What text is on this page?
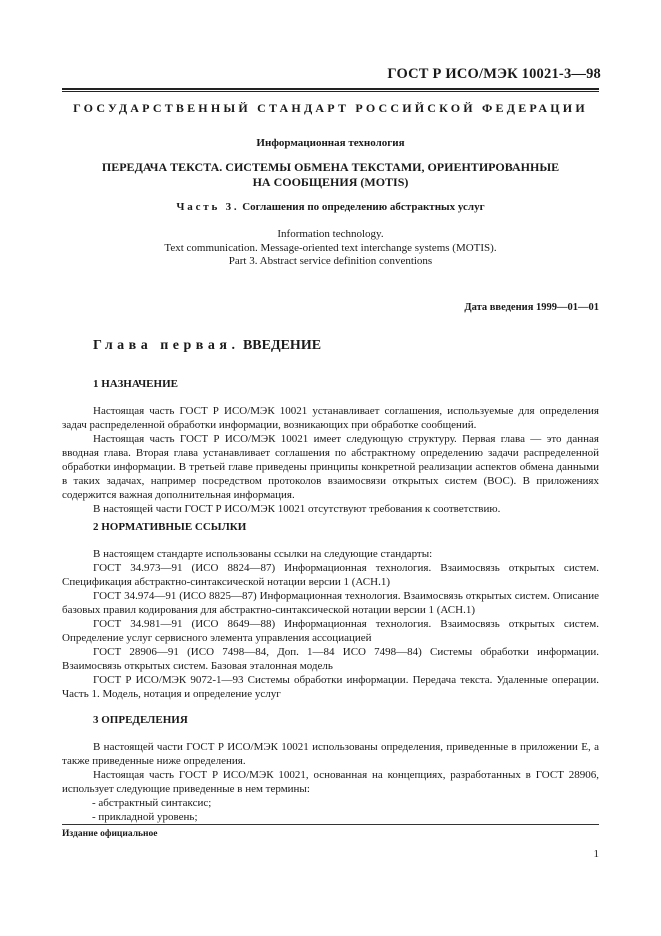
ГОСТ Р ИСО/МЭК 10021-3—98
ГОСУДАРСТВЕННЫЙ СТАНДАРТ РОССИЙСКОЙ ФЕДЕРАЦИИ
Информационная технология
ПЕРЕДАЧА ТЕКСТА. СИСТЕМЫ ОБМЕНА ТЕКСТАМИ, ОРИЕНТИРОВАННЫЕ
НА СООБЩЕНИЯ (MOTIS)
Часть 3. Соглашения по определению абстрактных услуг
Information technology.
Text communication. Message-oriented text interchange systems (MOTIS).
Part 3. Abstract service definition conventions
Дата введения 1999—01—01
Глава первая. ВВЕДЕНИЕ
1 НАЗНАЧЕНИЕ

Настоящая часть ГОСТ Р ИСО/МЭК 10021 устанавливает соглашения, используемые для определения задач распределенной обработки информации, возникающих при обработке сообщений.

Настоящая часть ГОСТ Р ИСО/МЭК 10021 имеет следующую структуру. Первая глава — это данная вводная глава. Вторая глава устанавливает соглашения по абстрактному определению задачи распределенной обработки информации. В третьей главе приведены принципы конкретной реализации аспектов обмена данными в таких задачах, например посредством протоколов взаимосвязи открытых систем (ВОС). В приложениях содержится важная дополнительная информация.

В настоящей части ГОСТ Р ИСО/МЭК 10021 отсутствуют требования к соответствию.

2 НОРМАТИВНЫЕ ССЫЛКИ

В настоящем стандарте использованы ссылки на следующие стандарты:

ГОСТ 34.973—91 (ИСО 8824—87) Информационная технология. Взаимосвязь открытых систем. Спецификация абстрактно-синтаксической нотации версии 1 (АСН.1)

ГОСТ 34.974—91 (ИСО 8825—87) Информационная технология. Взаимосвязь открытых систем. Описание базовых правил кодирования для абстрактно-синтаксической нотации версии 1 (АСН.1)

ГОСТ 34.981—91 (ИСО 8649—88) Информационная технология. Взаимосвязь открытых систем. Определение услуг сервисного элемента управления ассоциацией

ГОСТ 28906—91 (ИСО 7498—84, Доп. 1—84 ИСО 7498—84) Системы обработки информации. Взаимосвязь открытых систем. Базовая эталонная модель

ГОСТ Р ИСО/МЭК 9072-1—93 Системы обработки информации. Передача текста. Удаленные операции. Часть 1. Модель, нотация и определение услуг

3 ОПРЕДЕЛЕНИЯ

В настоящей части ГОСТ Р ИСО/МЭК 10021 использованы определения, приведенные в приложении Е, а также приведенные ниже определения.

Настоящая часть ГОСТ Р ИСО/МЭК 10021, основанная на концепциях, разработанных в ГОСТ 28906, использует следующие приведенные в нем термины:

- абстрактный синтаксис;
- прикладной уровень;
Издание официальное
1
